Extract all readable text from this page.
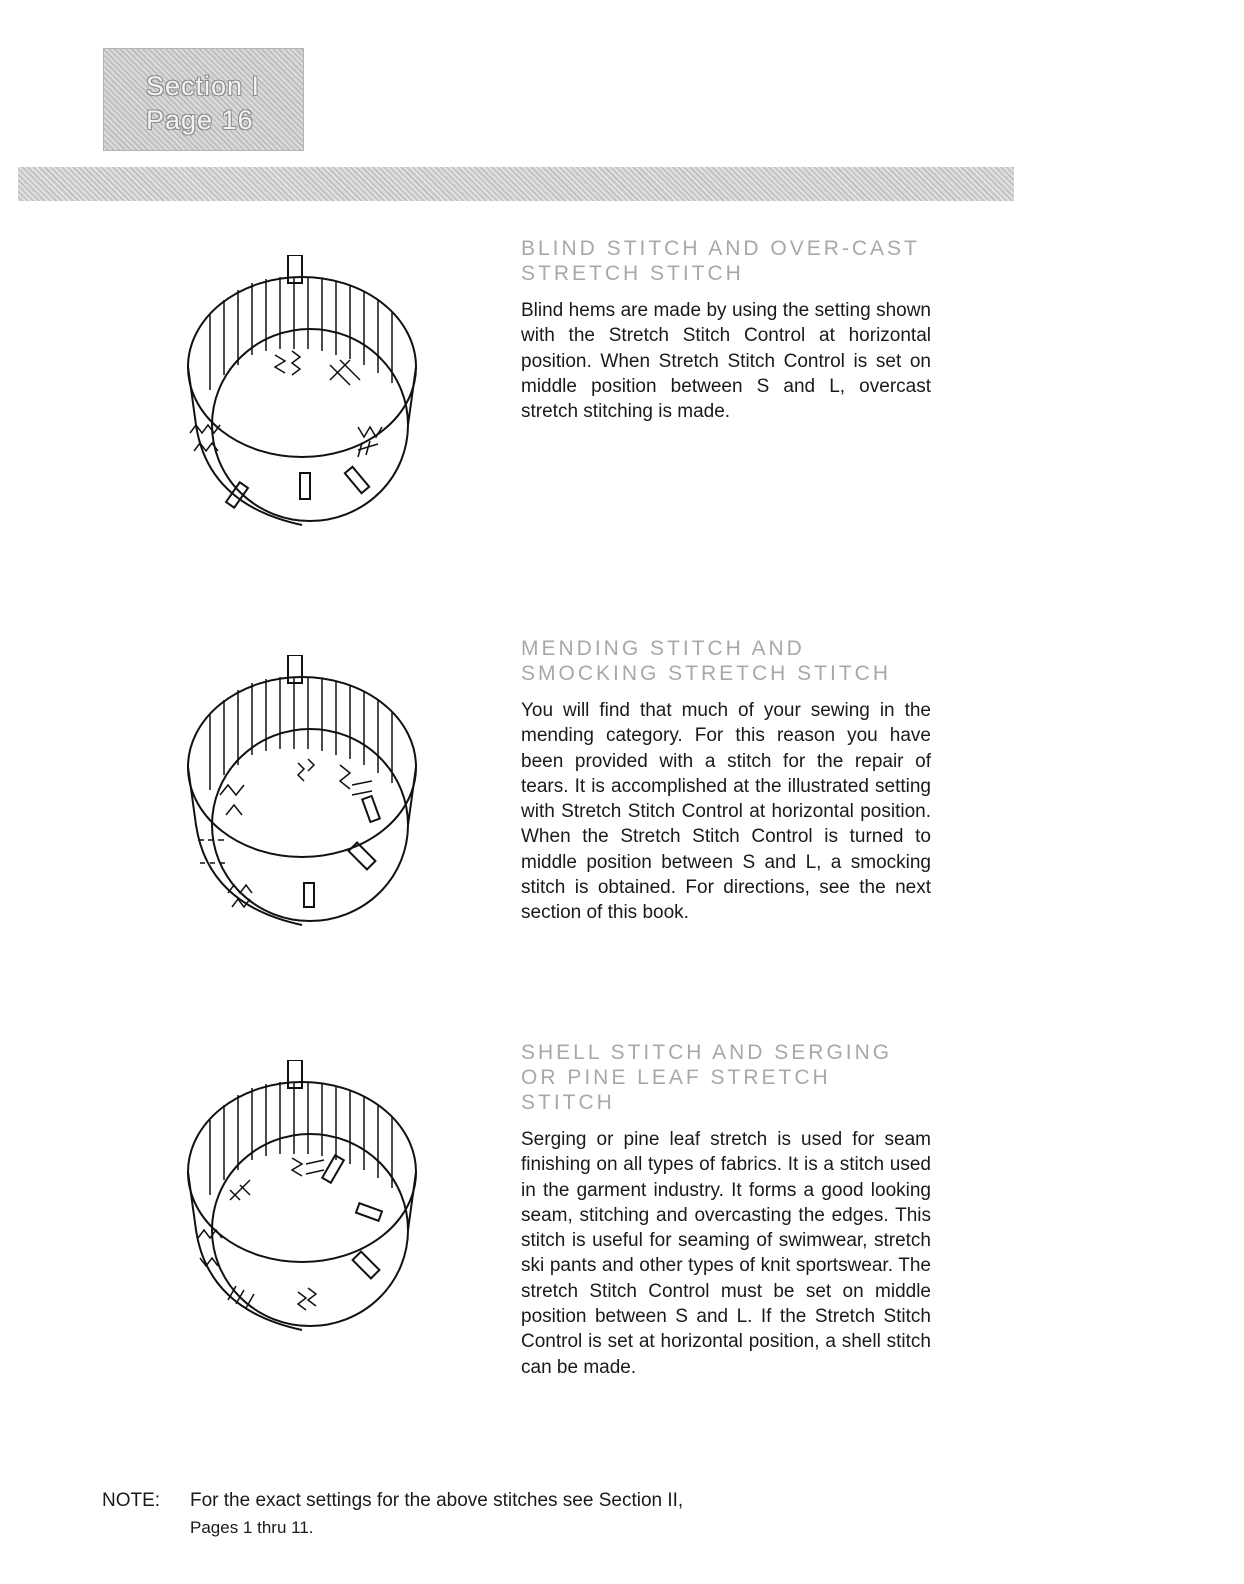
Section I
Page 16
BLIND STITCH AND OVER-CAST STRETCH STITCH

Blind hems are made by using the setting shown with the Stretch Stitch Control at horizontal position. When Stretch Stitch Control is set on middle position between S and L, overcast stretch stitching is made.

MENDING STITCH AND SMOCKING STRETCH STITCH

You will find that much of your sewing in the mending category. For this reason you have been provided with a stitch for the repair of tears. It is accomplished at the illustrated setting with Stretch Stitch Control at horizontal position. When the Stretch Stitch Control is turned to middle position between S and L, a smocking stitch is obtained. For directions, see the next section of this book.

SHELL STITCH AND SERGING OR PINE LEAF STRETCH STITCH

Serging or pine leaf stretch is used for seam finishing on all types of fabrics. It is a stitch used in the garment industry. It forms a good looking seam, stitching and overcasting the edges. This stitch is useful for seaming of swimwear, stretch ski pants and other types of knit sportswear. The stretch Stitch Control must be set on middle position between S and L. If the Stretch Stitch Control is set at horizontal position, a shell stitch can be made.

NOTE: For the exact settings for the above stitches see Section II,
Pages 1 thru 11.
